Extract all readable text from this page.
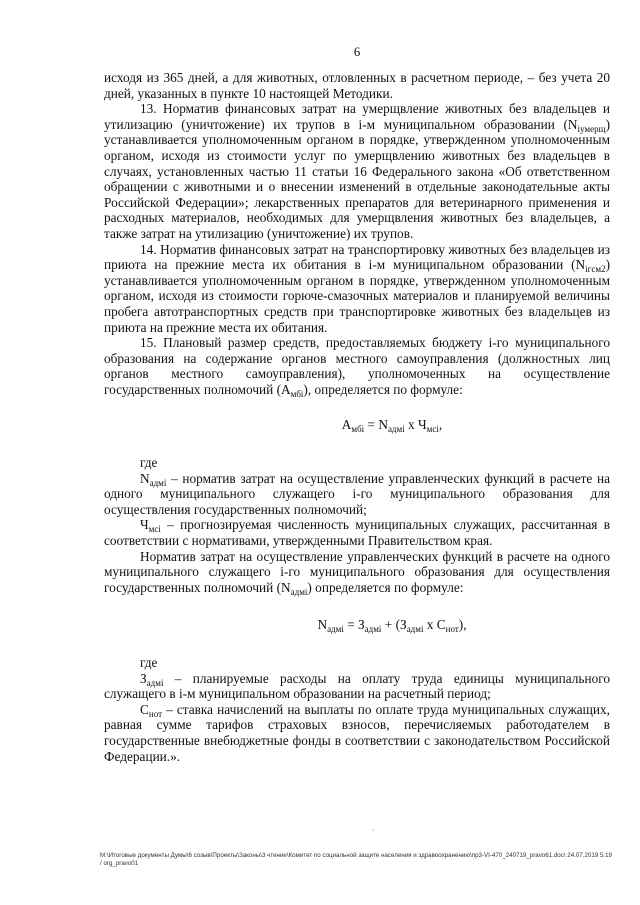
6

исходя из 365 дней, а для животных, отловленных в расчетном периоде, – без учета 20 дней, указанных в пункте 10 настоящей Методики.

13. Норматив финансовых затрат на умерщвление животных без владельцев и утилизацию (уничтожение) их трупов в i-м муниципальном образовании $(N_{iумерщ})$ устанавливается уполномоченным органом в порядке, утвержденном уполномоченным органом, исходя из стоимости услуг по умерщвлению животных без владельцев в случаях, установленных частью 11 статьи 16 Федерального закона «Об ответственном обращении с животными и о внесении изменений в отдельные законодательные акты Российской Федерации»; лекарственных препаратов для ветеринарного применения и расходных материалов, необходимых для умерщвления животных без владельцев, а также затрат на утилизацию (уничтожение) их трупов.

14. Норматив финансовых затрат на транспортировку животных без владельцев из приюта на прежние места их обитания в i-м муниципальном образовании $(N_{iгсм2})$ устанавливается уполномоченным органом в порядке, утвержденном уполномоченным органом, исходя из стоимости горюче-смазочных материалов и планируемой величины пробега автотранспортных средств при транспортировке животных без владельцев из приюта на прежние места их обитания.

15. Плановый размер средств, предоставляемых бюджету i-го муниципального образования на содержание органов местного самоуправления (должностных лиц органов местного самоуправления), уполномоченных на осуществление государственных полномочий $(А_{мбi})$, определяется по формуле:

$А_{мбi} = N_{адмi}$ х $Ч_{мсi}$,

где

$N_{адмi}$ – норматив затрат на осуществление управленческих функций в расчете на одного муниципального служащего i-го муниципального образования для осуществления государственных полномочий;

$Ч_{мсi}$ – прогнозируемая численность муниципальных служащих, рассчитанная в соответствии с нормативами, утвержденными Правительством края.

Норматив затрат на осуществление управленческих функций в расчете на одного муниципального служащего i-го муниципального образования для осуществления государственных полномочий $(N_{адмi})$ определяется по формуле:

$N_{адмi} = З_{адмi} + (З_{адмi}$ х $С_{нот}$),

где

$З_{адмi}$ – планируемые расходы на оплату труда единицы муниципального служащего в i-м муниципальном образовании на расчетный период;

$С_{нот}$ – ставка начислений на выплаты по оплате труда муниципальных служащих, равная сумме тарифов страховых взносов, перечисляемых работодателем в государственные внебюджетные фонды в соответствии с законодательством Российской Федерации.».

·
M:\Итоговые документы Думы\6 созыв\Проекты\Законы\3 чтение\Комитет по социальной защите населения и здравоохранению\пр3-VI-470_240719_pravo61.doc\ 24.07.2019 5:19 / org_pravo01
